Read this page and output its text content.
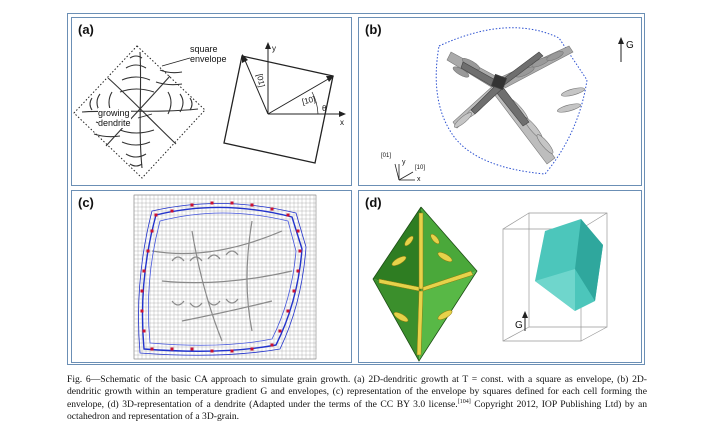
(a)
square
envelope
growing
dendrite
[01]
[10]
y
x
θ
(b)
G
[01]
[10]
y
x
(c)	(d)
G
Fig. 6—Schematic of the basic CA approach to simulate grain growth. (a) 2D-dendritic growth at T = const. with a square as envelope, (b) 2D-dendritic growth within an temperature gradient G and envelopes, (c) representation of the envelope by squares defined for each cell forming the envelope, (d) 3D-representation of a dendrite (Adapted under the terms of the CC BY 3.0 license.[104] Copyright 2012, IOP Publishing Ltd) by an octahedron and representation of a 3D-grain.
